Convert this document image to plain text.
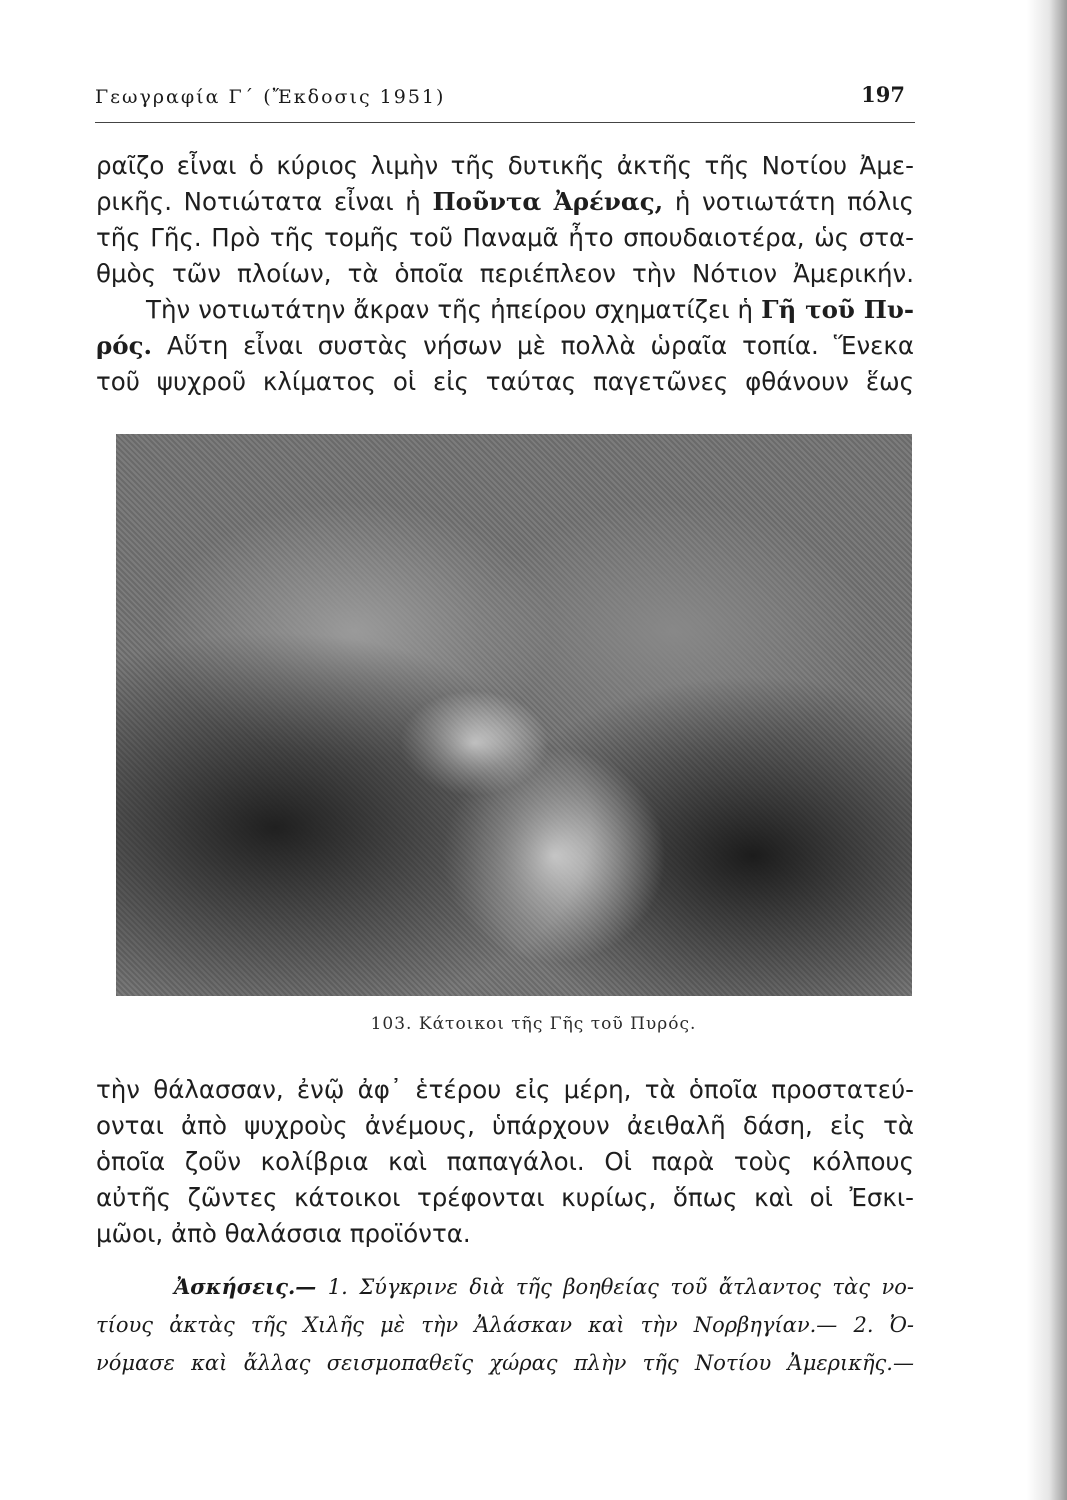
Γεωγραφία Γ΄ (Ἔκδοσις 1951)	197
ραῖζο εἶναι ὁ κύριος λιμὴν τῆς δυτικῆς ἀκτῆς τῆς Νοτίου Ἀμε-
ρικῆς. Νοτιώτατα εἶναι ἡ Ποῦντα Ἀρένας, ἡ νοτιωτάτη πόλις
τῆς Γῆς. Πρὸ τῆς τομῆς τοῦ Παναμᾶ ἦτο σπουδαιοτέρα, ὡς στα-
θμὸς τῶν πλοίων, τὰ ὁποῖα περιέπλεον τὴν Νότιον Ἀμερικήν.
Τὴν νοτιωτάτην ἄκραν τῆς ἠπείρου σχηματίζει ἡ Γῆ τοῦ Πυ-
ρός. Αὕτη εἶναι συστὰς νήσων μὲ πολλὰ ὡραῖα τοπία. Ἕνεκα
τοῦ ψυχροῦ κλίματος οἱ εἰς ταύτας παγετῶνες φθάνουν ἕως
103. Κάτοικοι τῆς Γῆς τοῦ Πυρός.
τὴν θάλασσαν, ἐνῷ ἀφ᾽ ἑτέρου εἰς μέρη, τὰ ὁποῖα προστατεύ-
ονται ἀπὸ ψυχροὺς ἀνέμους, ὑπάρχουν ἀειθαλῆ δάση, εἰς τὰ
ὁποῖα ζοῦν κολίβρια καὶ παπαγάλοι. Οἱ παρὰ τοὺς κόλπους
αὐτῆς ζῶντες κάτοικοι τρέφονται κυρίως, ὅπως καὶ οἱ Ἐσκι-
μῶοι, ἀπὸ θαλάσσια προϊόντα.
Ἀσκήσεις.— 1. Σύγκρινε διὰ τῆς βοηθείας τοῦ ἄτλαντος τὰς νο-
τίους ἀκτὰς τῆς Χιλῆς μὲ τὴν Ἀλάσκαν καὶ τὴν Νορβηγίαν.— 2. Ὀ-
νόμασε καὶ ἄλλας σεισμοπαθεῖς χώρας πλὴν τῆς Νοτίου Ἀμερικῆς.—
